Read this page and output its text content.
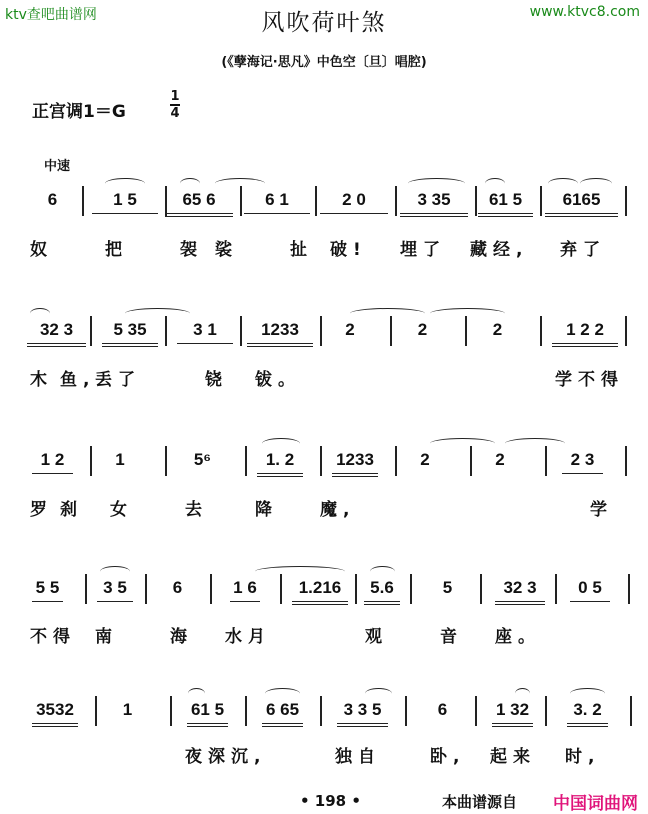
ktv查吧曲谱网	www.ktvc8.com
风吹荷叶煞
(《孽海记·思凡》中色空〔旦〕唱腔)
正宫调1＝G
1
4
中速
6	1 5	65 6	6 1	2 0	3 35	61 5	6165
奴	把	袈 裟	扯 破! 埋了 藏经, 弃了
32 3	5 35	3 1	1233	2	2	2	1 2 2
木 鱼, 丢了	铙 钹。	学不得
1 2	1	5⁶	1. 2	1233	2	2	2 3
罗 刹 女	去	降 魔,	学
5 5	3 5	6	1 6	1.216	5.6	5	32 3	0 5
不得 南	海 水月	观	音 座。
3532	1	61 5	6 65	3 3 5	6	1 32	3. 2
夜深沉,	独自	卧, 起来 时,
• 198 •	本曲谱源自 中国词曲网
